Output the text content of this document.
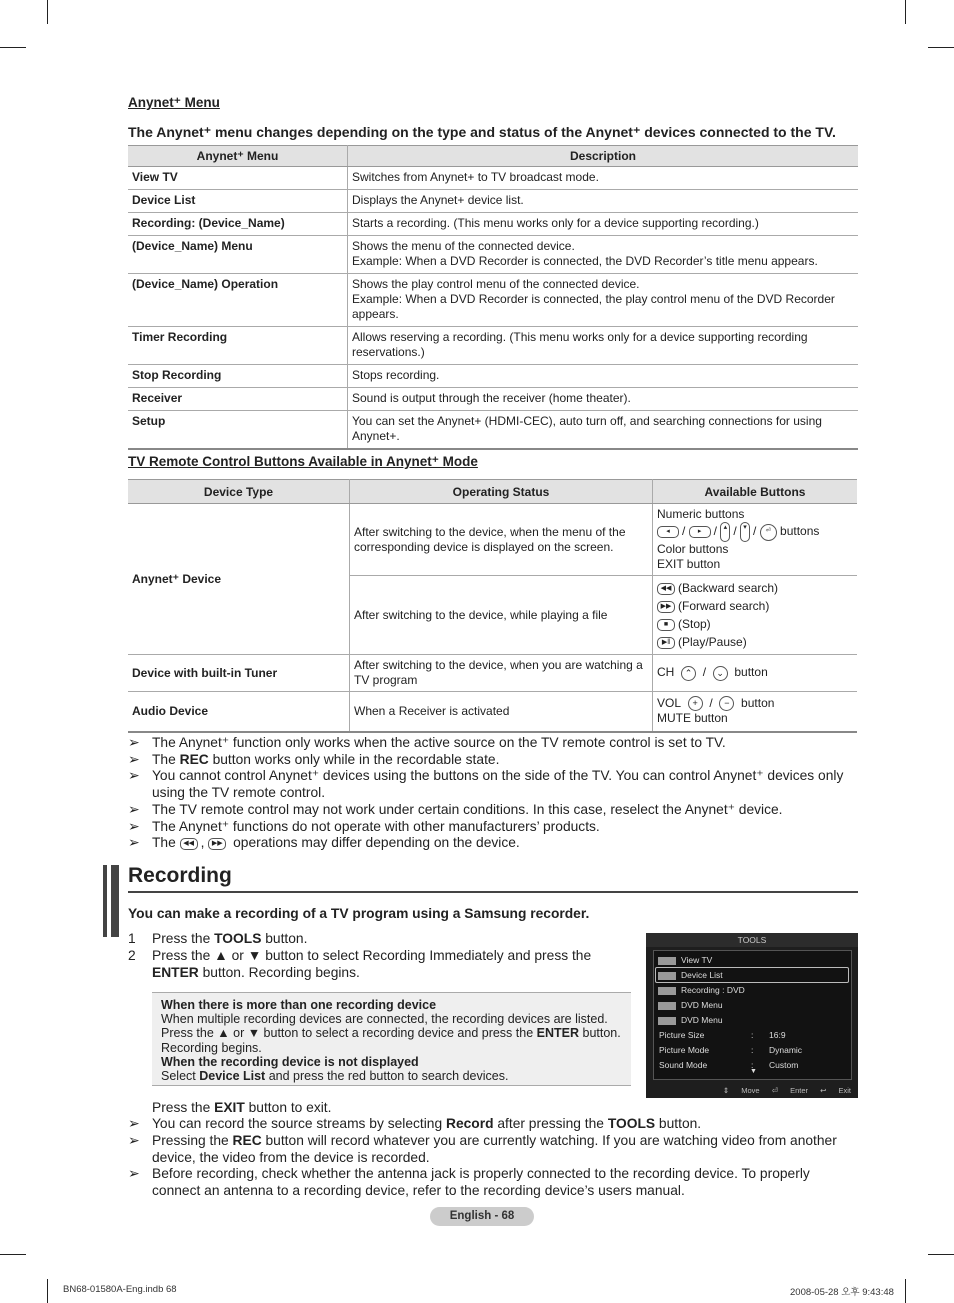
Anynet⁺ Menu

The Anynet⁺ menu changes depending on the type and status of the Anynet⁺ devices connected to the TV.

Anynet⁺ Menu	Description
View TV	Switches from Anynet+ to TV broadcast mode.
Device List	Displays the Anynet+ device list.
Recording: (Device_Name)	Starts a recording. (This menu works only for a device supporting recording.)
(Device_Name) Menu	Shows the menu of the connected device.
Example: When a DVD Recorder is connected, the DVD Recorder’s title menu appears.

(Device_Name) Operation	Shows the play control menu of the connected device.
Example: When a DVD Recorder is connected, the play control menu of the DVD Recorder appears.

Timer Recording	Allows reserving a recording. (This menu works only for a device supporting recording reservations.)
Stop Recording	Stops recording.
Receiver	Sound is output through the receiver (home theater).
Setup	You can set the Anynet+ (HDMI-CEC), auto turn off, and searching connections for using Anynet+.
TV Remote Control Buttons Available in Anynet⁺ Mode
Device Type	Operating Status	Available Buttons
Anynet⁺ Device	After switching to the device, when the menu of the corresponding device is displayed on the screen.	Numeric buttons
◂ / ▸ / ▴ / ▾ / ⏎ buttons
Color buttons
EXIT button

	After switching to the device, while playing a file	◀◀ (Backward search)
▶▶ (Forward search)
■ (Stop)
▶‖ (Play/Pause)

Device with built-in Tuner	After switching to the device, when you are watching a TV program	CH ⌃ / ⌄ button
Audio Device	When a Receiver is activated	VOL + / − button
MUTE button
➢ The Anynet⁺ function only works when the active source on the TV remote control is set to TV.
➢ The REC button works only while in the recordable state.
➢ You cannot control Anynet⁺ devices using the buttons on the side of the TV. You can control Anynet⁺ devices only using the TV remote control.
➢ The TV remote control may not work under certain conditions. In this case, reselect the Anynet⁺ device.
➢ The Anynet⁺ functions do not operate with other manufacturers’ products.
➢ The ◀◀ , ▶▶ operations may differ depending on the device.
Recording

You can make a recording of a TV program using a Samsung recorder.

1 Press the TOOLS button.
2 Press the ▲ or ▼ button to select Recording Immediately and press the ENTER button. Recording begins.

When there is more than one recording device

When multiple recording devices are connected, the recording devices are listed.

Press the ▲ or ▼ button to select a recording device and press the ENTER button.

Recording begins.

When the recording device is not displayed

Select Device List and press the red button to search devices.

Press the EXIT button to exit.

➢ You can record the source streams by selecting Record after pressing the TOOLS button.
➢ Pressing the REC button will record whatever you are currently watching. If you are watching video from another device, the video from the device is recorded.
➢ Before recording, check whether the antenna jack is properly connected to the recording device. To properly connect an antenna to a recording device, refer to the recording device’s users manual.
TOOLS
View TV
Device List
Recording : DVD
DVD Menu
DVD Menu
Picture Size	: 16:9
Picture Mode	: Dynamic
Sound Mode	: Custom
▼
⇕ Move ⏎ Enter ↩ Exit
English - 68
BN68-01580A-Eng.indb 68	2008-05-28 오후 9:43:48
